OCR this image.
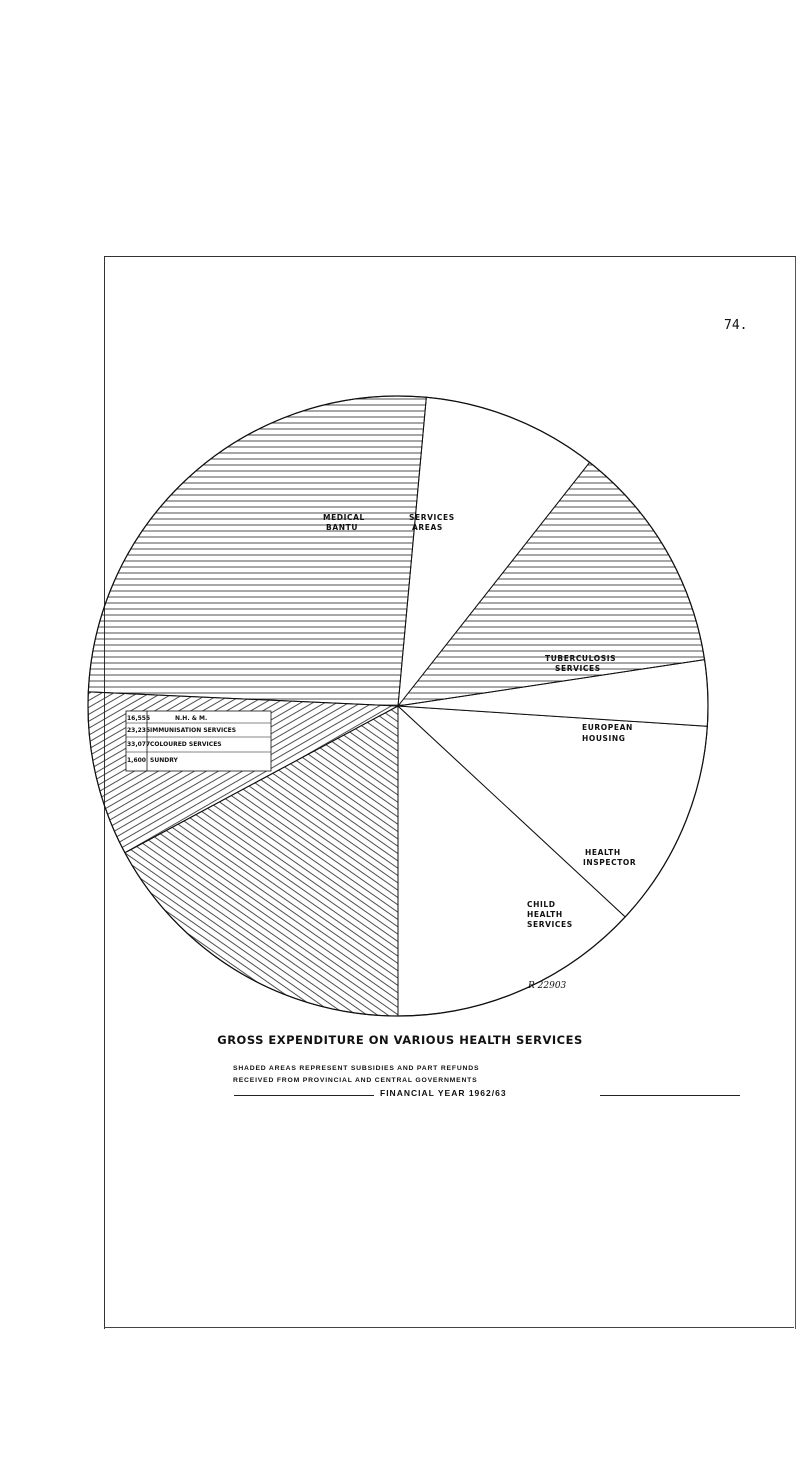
74.
CHILD
HEALTH
SERVICES
R 22903
HEALTH
INSPECTOR
EUROPEAN
HOUSING
TUBERCULOSIS
SERVICES
SERVICES
AREAS
MEDICAL
BANTU
N.H. & M.
IMMUNISATION SERVICES
COLOURED SERVICES
SUNDRY
16,555
23,235
33,077
1,600
GROSS EXPENDITURE ON VARIOUS HEALTH SERVICES
SHADED AREAS REPRESENT SUBSIDIES AND PART REFUNDS
RECEIVED FROM PROVINCIAL AND CENTRAL GOVERNMENTS
FINANCIAL YEAR 1962/63
